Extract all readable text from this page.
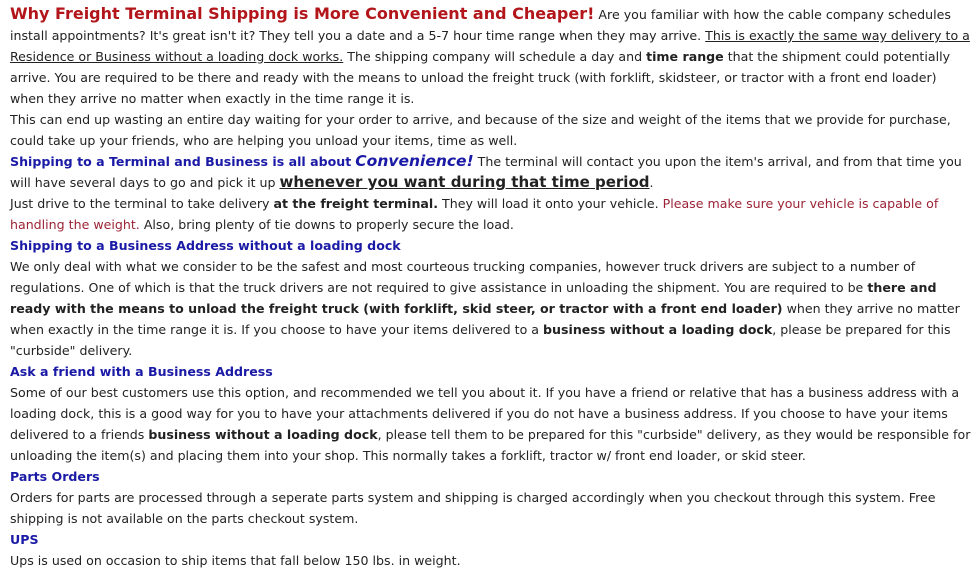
Why Freight Terminal Shipping is More Convenient and Cheaper! Are you familiar with how the cable company schedules install appointments? It's great isn't it? They tell you a date and a 5-7 hour time range when they may arrive. This is exactly the same way delivery to a Residence or Business without a loading dock works. The shipping company will schedule a day and time range that the shipment could potentially arrive. You are required to be there and ready with the means to unload the freight truck (with forklift, skidsteer, or tractor with a front end loader) when they arrive no matter when exactly in the time range it is.

This can end up wasting an entire day waiting for your order to arrive, and because of the size and weight of the items that we provide for purchase, could take up your friends, who are helping you unload your items, time as well.

Shipping to a Terminal and Business is all about Convenience! The terminal will contact you upon the item's arrival, and from that time you will have several days to go and pick it up whenever you want during that time period.

Just drive to the terminal to take delivery at the freight terminal. They will load it onto your vehicle. Please make sure your vehicle is capable of handling the weight. Also, bring plenty of tie downs to properly secure the load.

Shipping to a Business Address without a loading dock

We only deal with what we consider to be the safest and most courteous trucking companies, however truck drivers are subject to a number of regulations. One of which is that the truck drivers are not required to give assistance in unloading the shipment. You are required to be there and ready with the means to unload the freight truck (with forklift, skid steer, or tractor with a front end loader) when they arrive no matter when exactly in the time range it is. If you choose to have your items delivered to a business without a loading dock, please be prepared for this "curbside" delivery.

Ask a friend with a Business Address

Some of our best customers use this option, and recommended we tell you about it. If you have a friend or relative that has a business address with a loading dock, this is a good way for you to have your attachments delivered if you do not have a business address. If you choose to have your items delivered to a friends business without a loading dock, please tell them to be prepared for this "curbside" delivery, as they would be responsible for unloading the item(s) and placing them into your shop. This normally takes a forklift, tractor w/ front end loader, or skid steer.

Parts Orders

Orders for parts are processed through a seperate parts system and shipping is charged accordingly when you checkout through this system. Free shipping is not available on the parts checkout system.

UPS

Ups is used on occasion to ship items that fall below 150 lbs. in weight.
